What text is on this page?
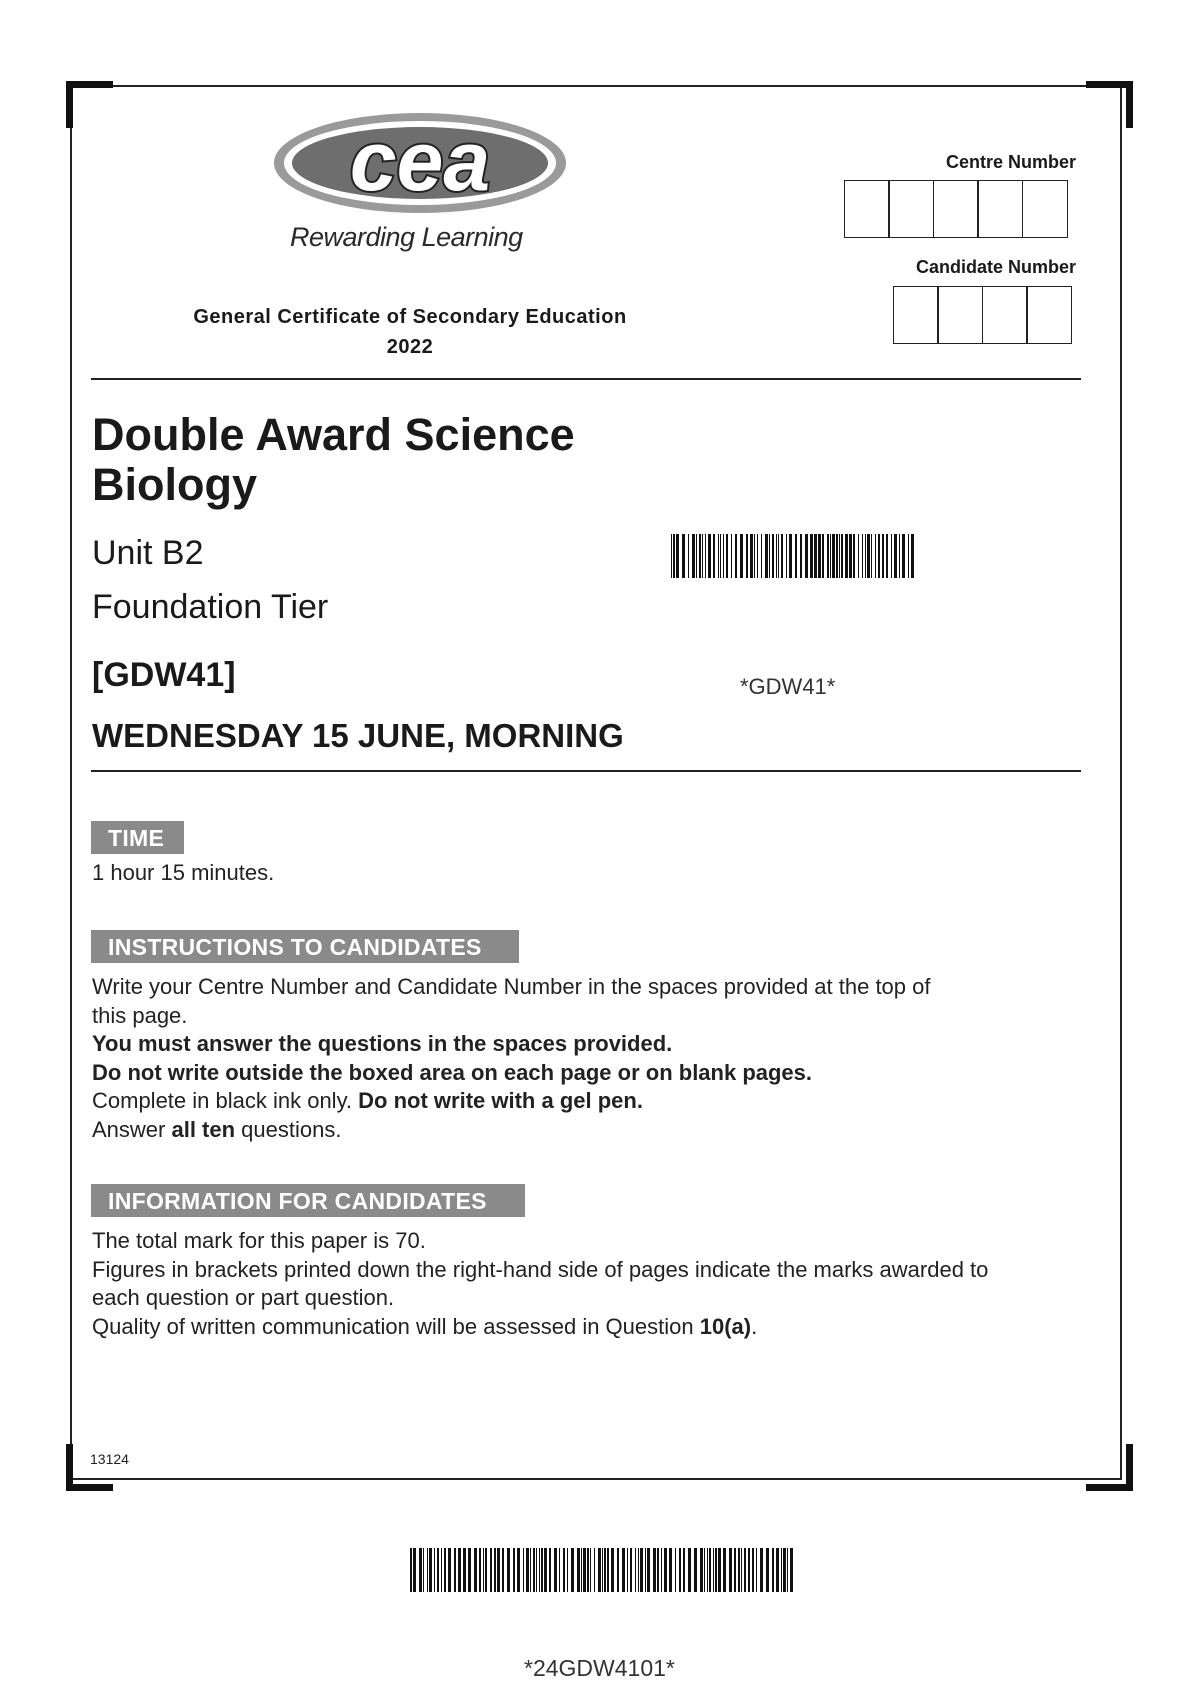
cea
Rewarding Learning
General Certificate of Secondary Education
2022
Centre Number
Candidate Number
Double Award Science
Biology
Unit B2
Foundation Tier
[GDW41]
WEDNESDAY 15 JUNE, MORNING
*GDW41*
TIME
1 hour 15 minutes.
INSTRUCTIONS TO CANDIDATES
Write your Centre Number and Candidate Number in the spaces provided at the top of
this page.
You must answer the questions in the spaces provided.
Do not write outside the boxed area on each page or on blank pages.
Complete in black ink only. Do not write with a gel pen.
Answer all ten questions.
INFORMATION FOR CANDIDATES
The total mark for this paper is 70.
Figures in brackets printed down the right-hand side of pages indicate the marks awarded to
each question or part question.
Quality of written communication will be assessed in Question 10(a).
13124
*24GDW4101*
